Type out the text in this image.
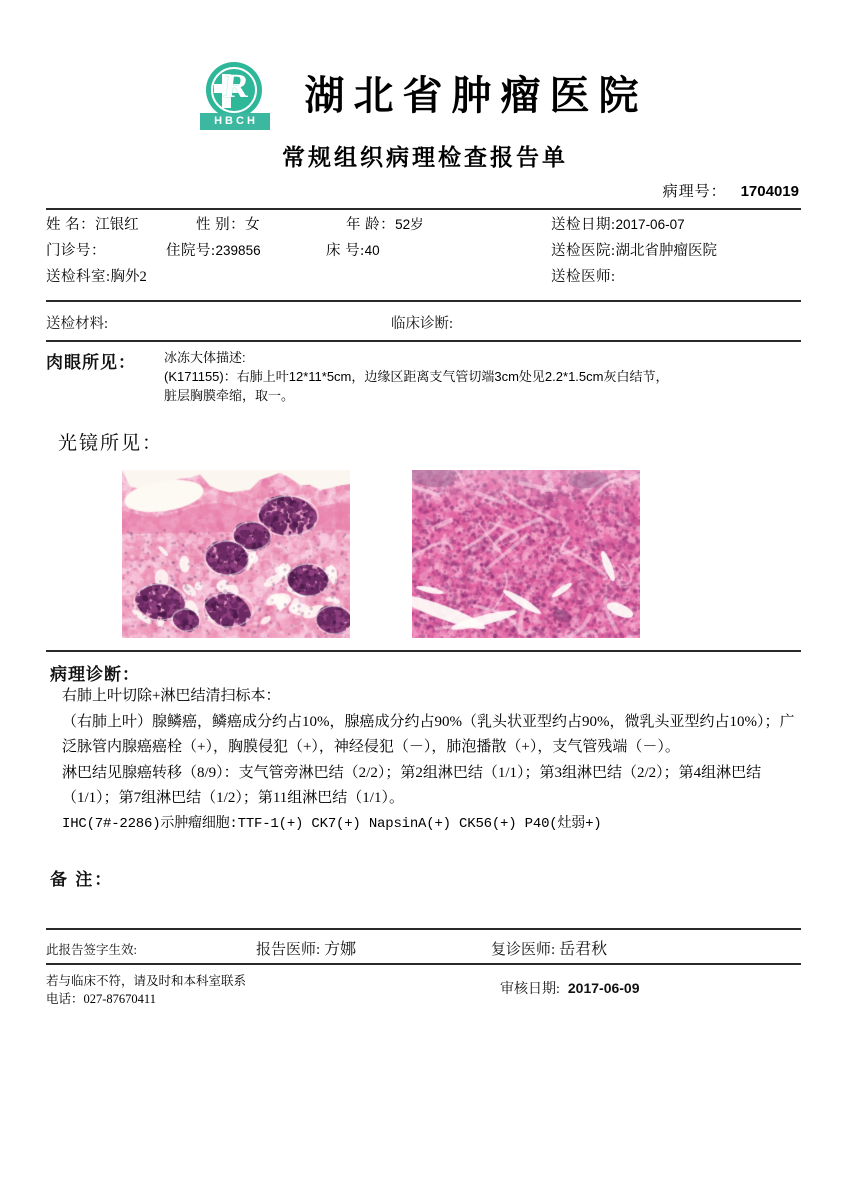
R
HBCH
湖北省肿瘤医院
常规组织病理检查报告单
病理号： 1704019
姓 名：江银红	性 别：女	年 龄：52岁	送检日期:2017-06-07
门诊号：	住院号:239856	床 号:40	送检医院:湖北省肿瘤医院
送检科室:胸外2	送检医师:
送检材料:	临床诊断:
肉眼所见：	冰冻大体描述:
(K171155)：右肺上叶12*11*5cm，边缘区距离支气管切端3cm处见2.2*1.5cm灰白结节，
脏层胸膜牵缩，取一。
光镜所见：
病理诊断：
右肺上叶切除+淋巴结清扫标本：
（右肺上叶）腺鳞癌，鳞癌成分约占10%，腺癌成分约占90%（乳头状亚型约占90%，微乳头亚型约占10%）；广泛脉管内腺癌癌栓（+），胸膜侵犯（+），神经侵犯（－），肺泡播散（+），支气管残端（－）。
淋巴结见腺癌转移（8/9）：支气管旁淋巴结（2/2）；第2组淋巴结（1/1）；第3组淋巴结（2/2）；第4组淋巴结（1/1）；第7组淋巴结（1/2）；第11组淋巴结（1/1）。
IHC(7#-2286)示肿瘤细胞:TTF-1(+) CK7(+) NapsinA(+) CK56(+) P40(灶弱+)
备 注：
此报告签字生效:	报告医师: 方娜	复诊医师: 岳君秋
若与临床不符，请及时和本科室联系
电话：027-87670411
审核日期: 2017-06-09
